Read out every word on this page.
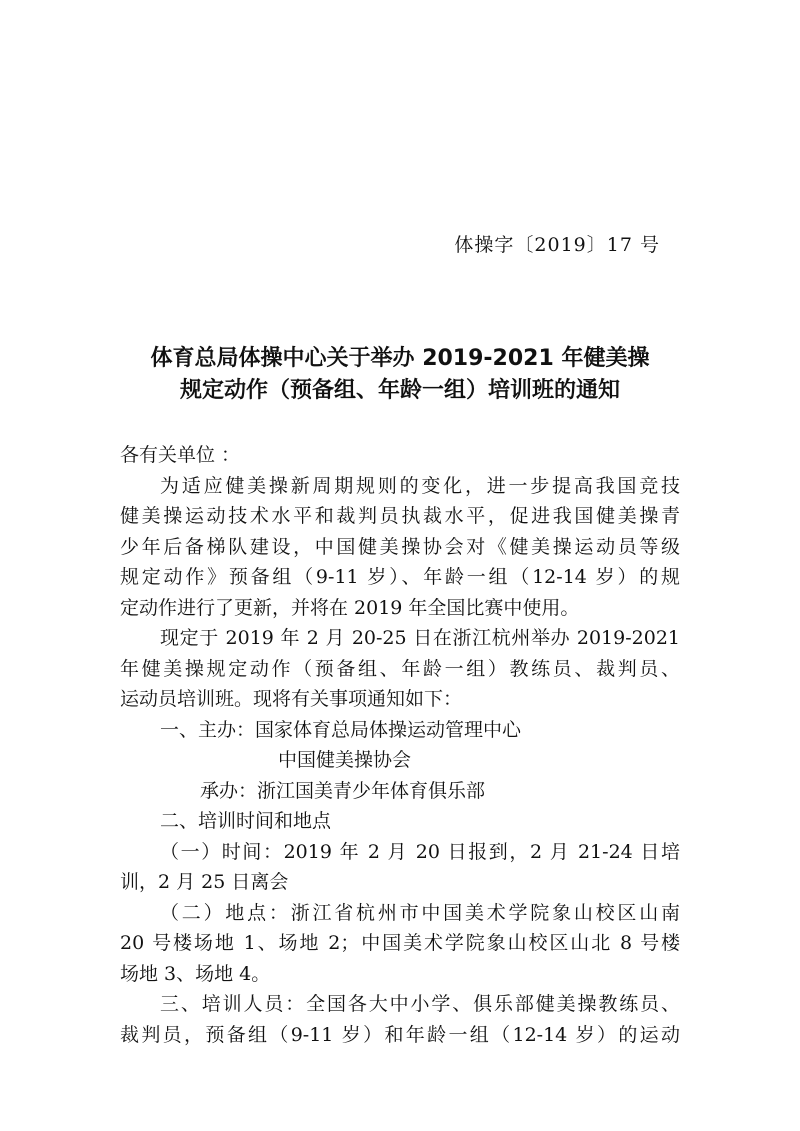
体操字〔2019〕17 号
体育总局体操中心关于举办 2019-2021 年健美操
规定动作（预备组、年龄一组）培训班的通知
各有关单位 ：
为适应健美操新周期规则的变化，进一步提高我国竞技
健美操运动技术水平和裁判员执裁水平，促进我国健美操青
少年后备梯队建设，中国健美操协会对《健美操运动员等级
规定动作》预备组（9-11 岁）、年龄一组（12-14 岁）的规
定动作进行了更新，并将在 2019 年全国比赛中使用。
现定于 2019 年 2 月 20-25 日在浙江杭州举办 2019-2021
年健美操规定动作（预备组、年龄一组）教练员、裁判员、
运动员培训班。现将有关事项通知如下：
一、主办：国家体育总局体操运动管理中心
中国健美操协会
承办：浙江国美青少年体育俱乐部
二、培训时间和地点
（一）时间：2019 年 2 月 20 日报到，2 月 21-24 日培
训，2 月 25 日离会
（二）地点：浙江省杭州市中国美术学院象山校区山南
20 号楼场地 1、场地 2；中国美术学院象山校区山北 8 号楼
场地 3、场地 4。
三、培训人员：全国各大中小学、俱乐部健美操教练员、
裁判员，预备组（9-11 岁）和年龄一组（12-14 岁）的运动
